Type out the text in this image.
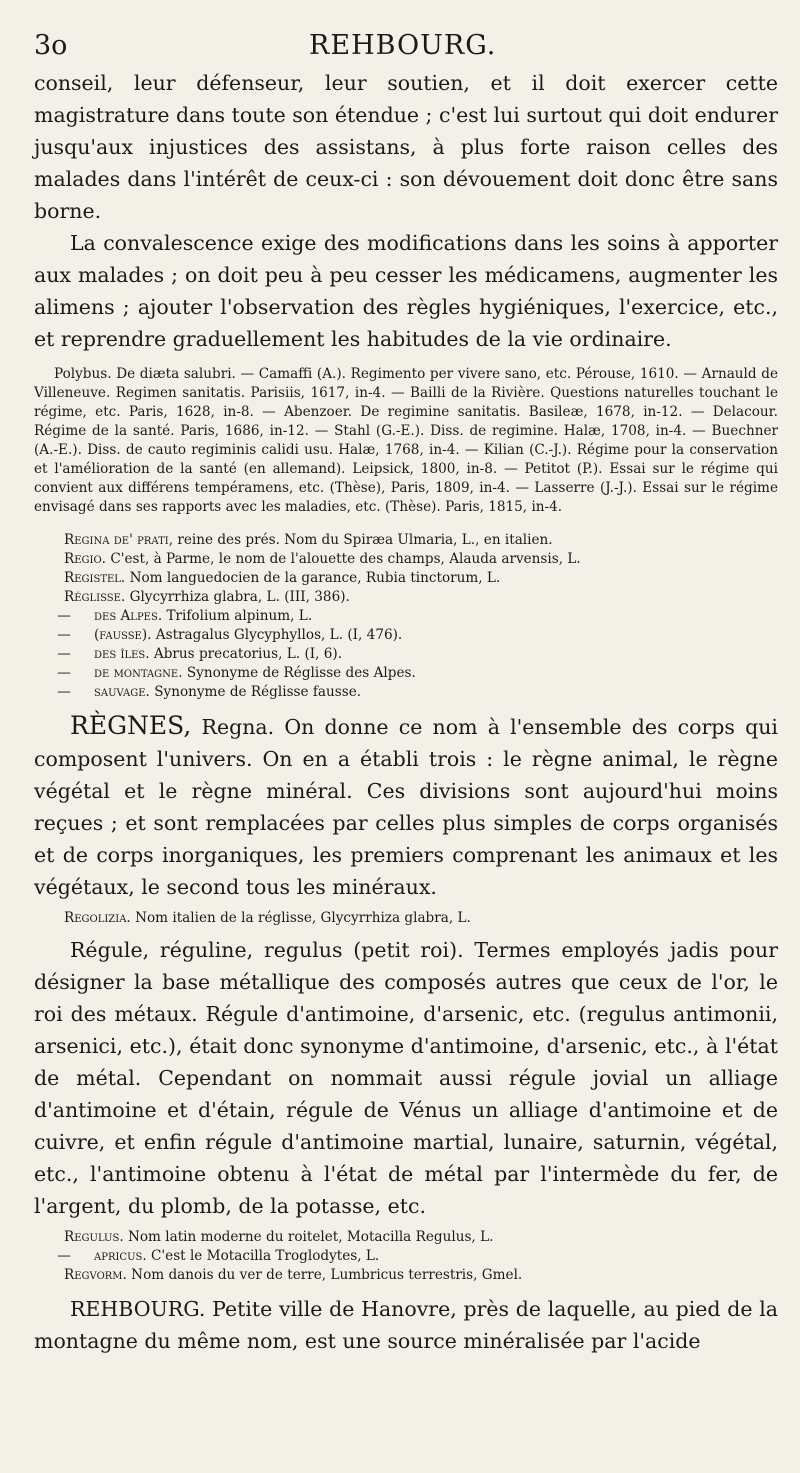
3o	REHBOURG.

conseil, leur défenseur, leur soutien, et il doit exercer cette magistrature dans toute son étendue ; c'est lui surtout qui doit endurer jusqu'aux injustices des assistans, à plus forte raison celles des malades dans l'intérêt de ceux-ci : son dévouement doit donc être sans borne.

La convalescence exige des modifications dans les soins à apporter aux malades ; on doit peu à peu cesser les médicamens, augmenter les alimens ; ajouter l'observation des règles hygiéniques, l'exercice, etc., et reprendre graduellement les habitudes de la vie ordinaire.

Polybus. De diæta salubri. — Camaffi (A.). Regimento per vivere sano, etc. Pérouse, 1610. — Arnauld de Villeneuve. Regimen sanitatis. Parisiis, 1617, in-4. — Bailli de la Rivière. Questions naturelles touchant le régime, etc. Paris, 1628, in-8. — Abenzoer. De regimine sanitatis. Basileæ, 1678, in-12. — Delacour. Régime de la santé. Paris, 1686, in-12. — Stahl (G.-E.). Diss. de regimine. Halæ, 1708, in-4. — Buechner (A.-E.). Diss. de cauto regiminis calidi usu. Halæ, 1768, in-4. — Kilian (C.-J.). Régime pour la conservation et l'amélioration de la santé (en allemand). Leipsick, 1800, in-8. — Petitot (P.). Essai sur le régime qui convient aux différens tempéramens, etc. (Thèse), Paris, 1809, in-4. — Lasserre (J.-J.). Essai sur le régime envisagé dans ses rapports avec les maladies, etc. (Thèse). Paris, 1815, in-4.

Regina de' prati, reine des prés. Nom du Spiræa Ulmaria, L., en italien.

Regio. C'est, à Parme, le nom de l'alouette des champs, Alauda arvensis, L.

Registel. Nom languedocien de la garance, Rubia tinctorum, L.

Réglisse. Glycyrrhiza glabra, L. (III, 386).

— des Alpes. Trifolium alpinum, L.

— (fausse). Astragalus Glycyphyllos, L. (I, 476).

— des îles. Abrus precatorius, L. (I, 6).

— de montagne. Synonyme de Réglisse des Alpes.

— sauvage. Synonyme de Réglisse fausse.

RÈGNES, Regna. On donne ce nom à l'ensemble des corps qui composent l'univers. On en a établi trois : le règne animal, le règne végétal et le règne minéral. Ces divisions sont aujourd'hui moins reçues ; et sont remplacées par celles plus simples de corps organisés et de corps inorganiques, les premiers comprenant les animaux et les végétaux, le second tous les minéraux.

Regolizia. Nom italien de la réglisse, Glycyrrhiza glabra, L.

Régule, réguline, regulus (petit roi). Termes employés jadis pour désigner la base métallique des composés autres que ceux de l'or, le roi des métaux. Régule d'antimoine, d'arsenic, etc. (regulus antimonii, arsenici, etc.), était donc synonyme d'antimoine, d'arsenic, etc., à l'état de métal. Cependant on nommait aussi régule jovial un alliage d'antimoine et d'étain, régule de Vénus un alliage d'antimoine et de cuivre, et enfin régule d'antimoine martial, lunaire, saturnin, végétal, etc., l'antimoine obtenu à l'état de métal par l'intermède du fer, de l'argent, du plomb, de la potasse, etc.

Regulus. Nom latin moderne du roitelet, Motacilla Regulus, L.

— apricus. C'est le Motacilla Troglodytes, L.

Regvorm. Nom danois du ver de terre, Lumbricus terrestris, Gmel.

REHBOURG. Petite ville de Hanovre, près de laquelle, au pied de la montagne du même nom, est une source minéralisée par l'acide
